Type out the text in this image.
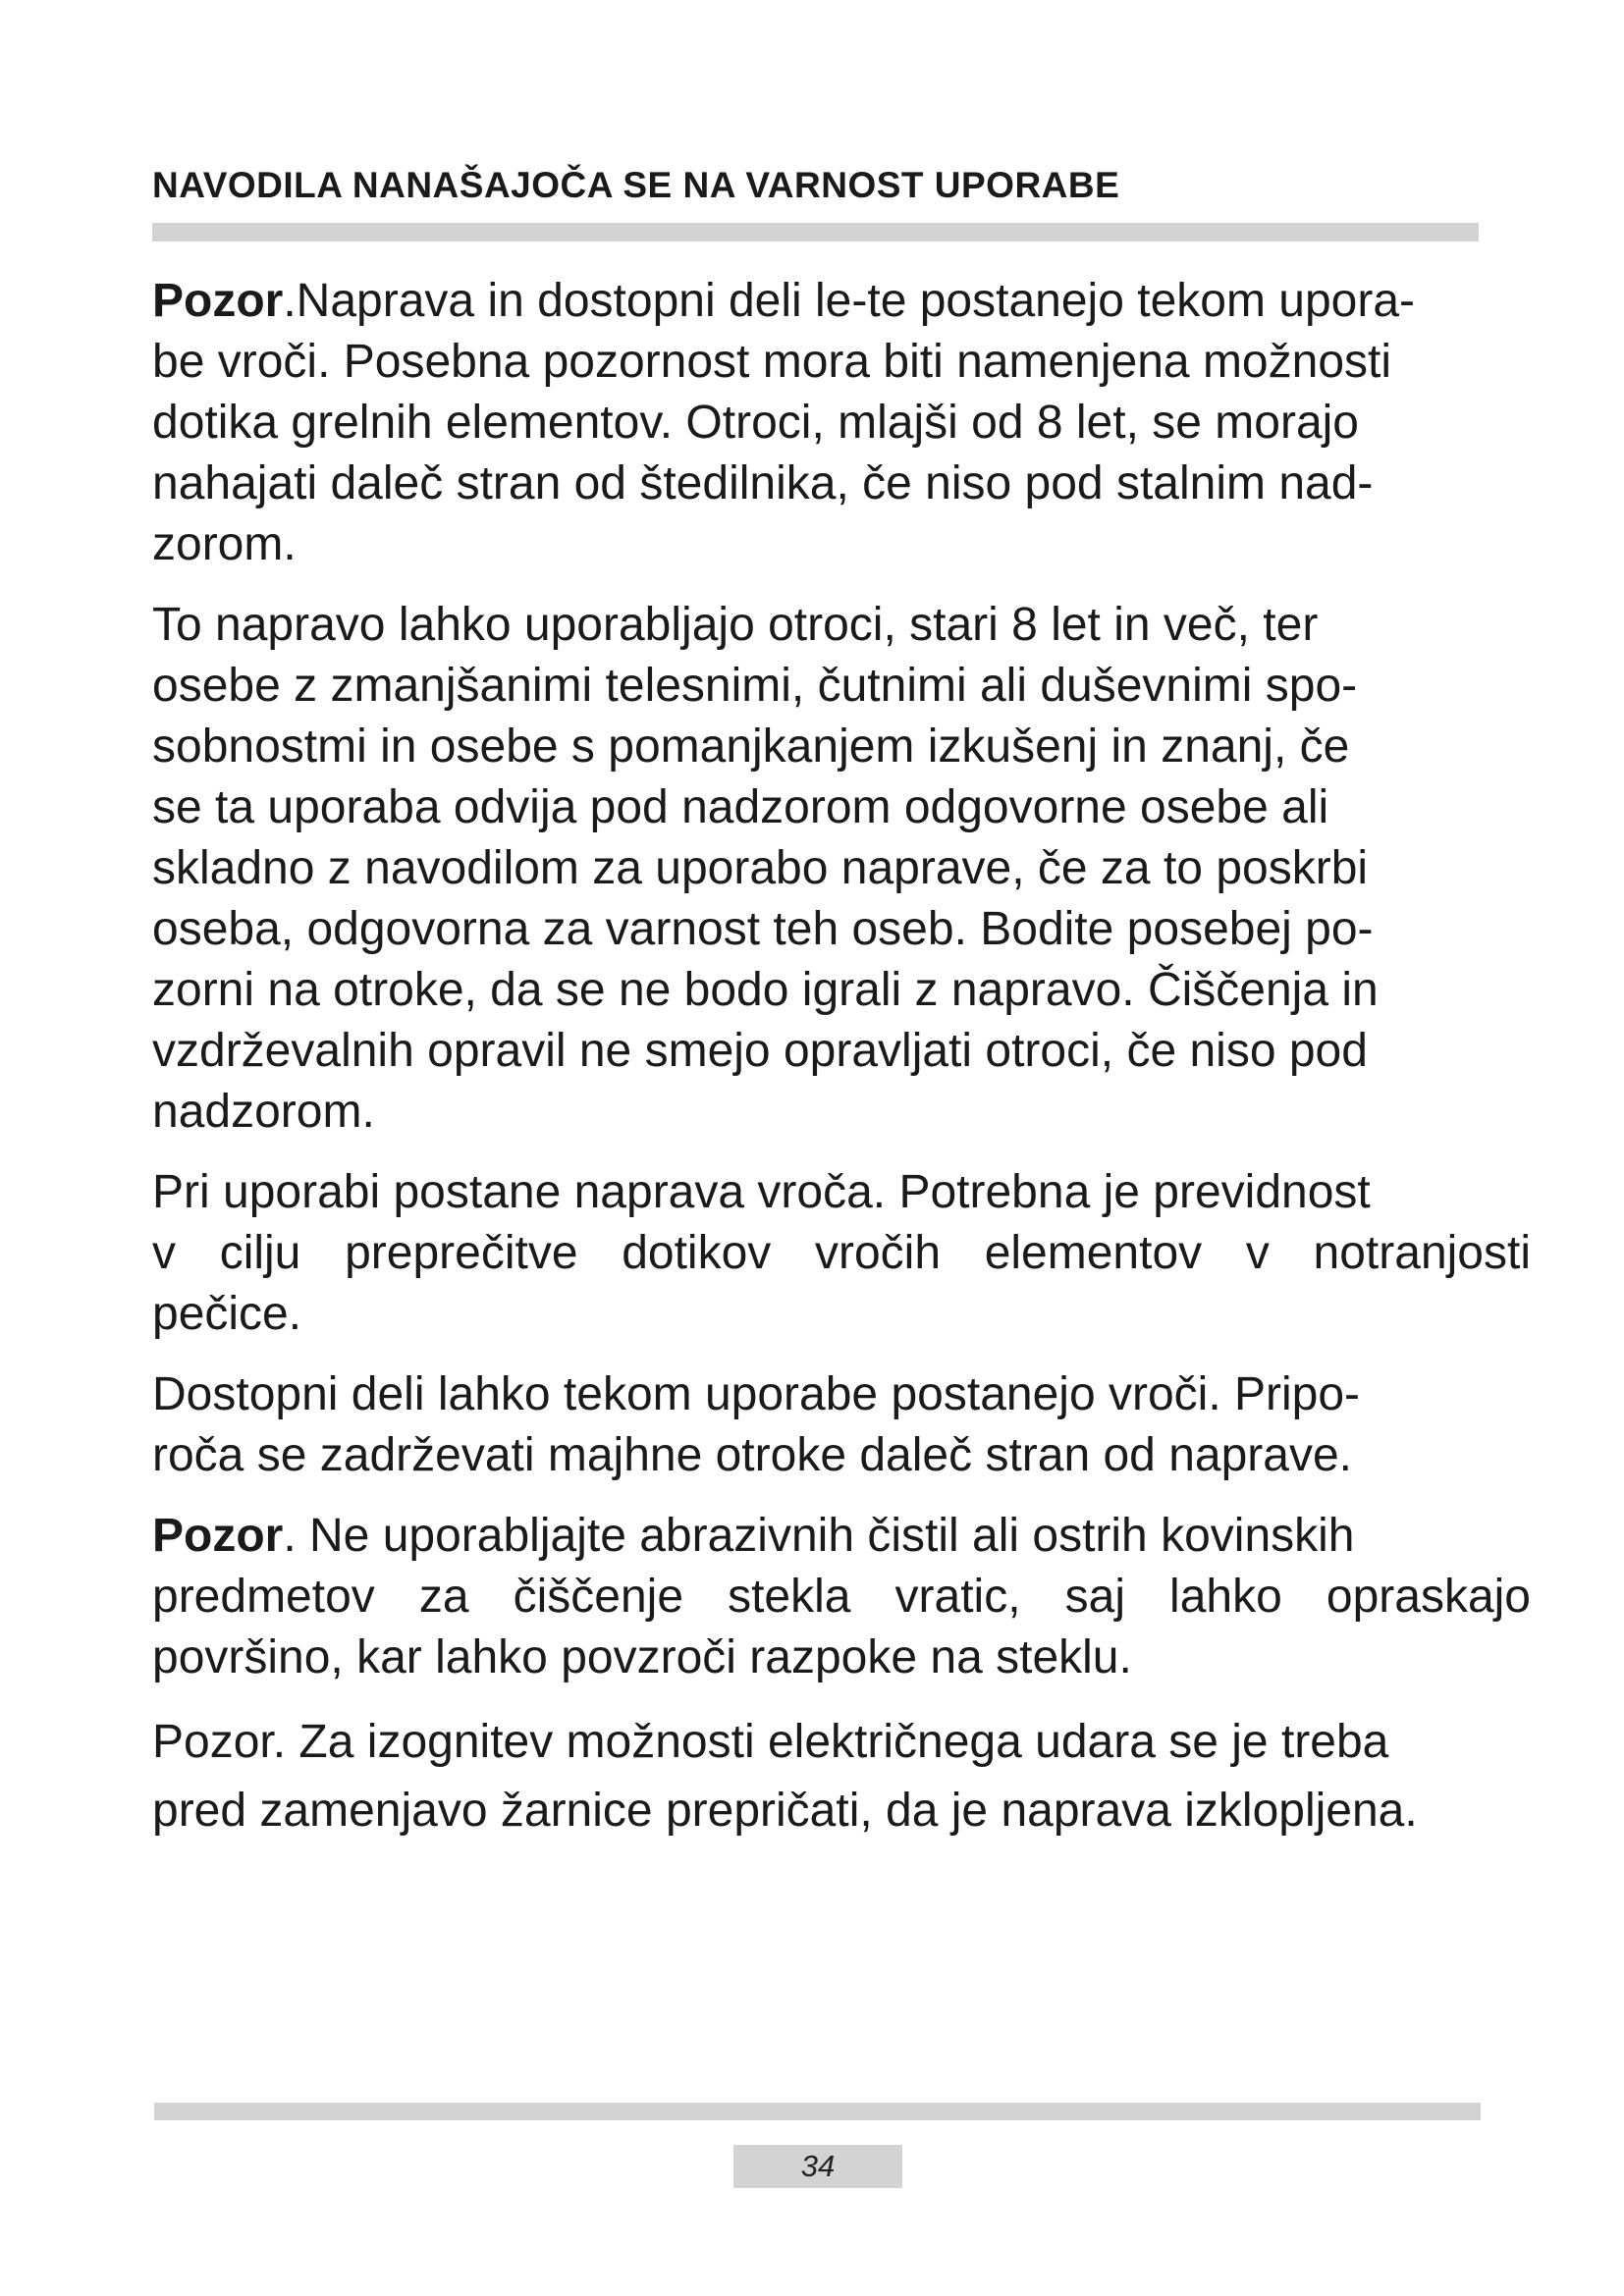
NAVODILA NANAŠAJOČA SE NA VARNOST UPORABE
Pozor.Naprava in dostopni deli le-te postanejo tekom upora-
be vroči. Posebna pozornost mora biti namenjena možnosti
dotika grelnih elementov. Otroci, mlajši od 8 let, se morajo
nahajati daleč stran od štedilnika, če niso pod stalnim nad-
zorom.
To napravo lahko uporabljajo otroci, stari 8 let in več, ter
osebe z zmanjšanimi telesnimi, čutnimi ali duševnimi spo-
sobnostmi in osebe s pomanjkanjem izkušenj in znanj, če
se ta uporaba odvija pod nadzorom odgovorne osebe ali
skladno z navodilom za uporabo naprave, če za to poskrbi
oseba, odgovorna za varnost teh oseb. Bodite posebej po-
zorni na otroke, da se ne bodo igrali z napravo. Čiščenja in
vzdrževalnih opravil ne smejo opravljati otroci, če niso pod
nadzorom.
Pri uporabi postane naprava vroča. Potrebna je previdnost
v cilju preprečitve dotikov vročih elementov v notranjosti
pečice.
Dostopni deli lahko tekom uporabe postanejo vroči. Pripo-
roča se zadrževati majhne otroke daleč stran od naprave.
Pozor. Ne uporabljajte abrazivnih čistil ali ostrih kovinskih
predmetov za čiščenje stekla vratic, saj lahko opraskajo
površino, kar lahko povzroči razpoke na steklu.
Pozor. Za izognitev možnosti električnega udara se je treba
pred zamenjavo žarnice prepričati, da je naprava izklopljena.
34
